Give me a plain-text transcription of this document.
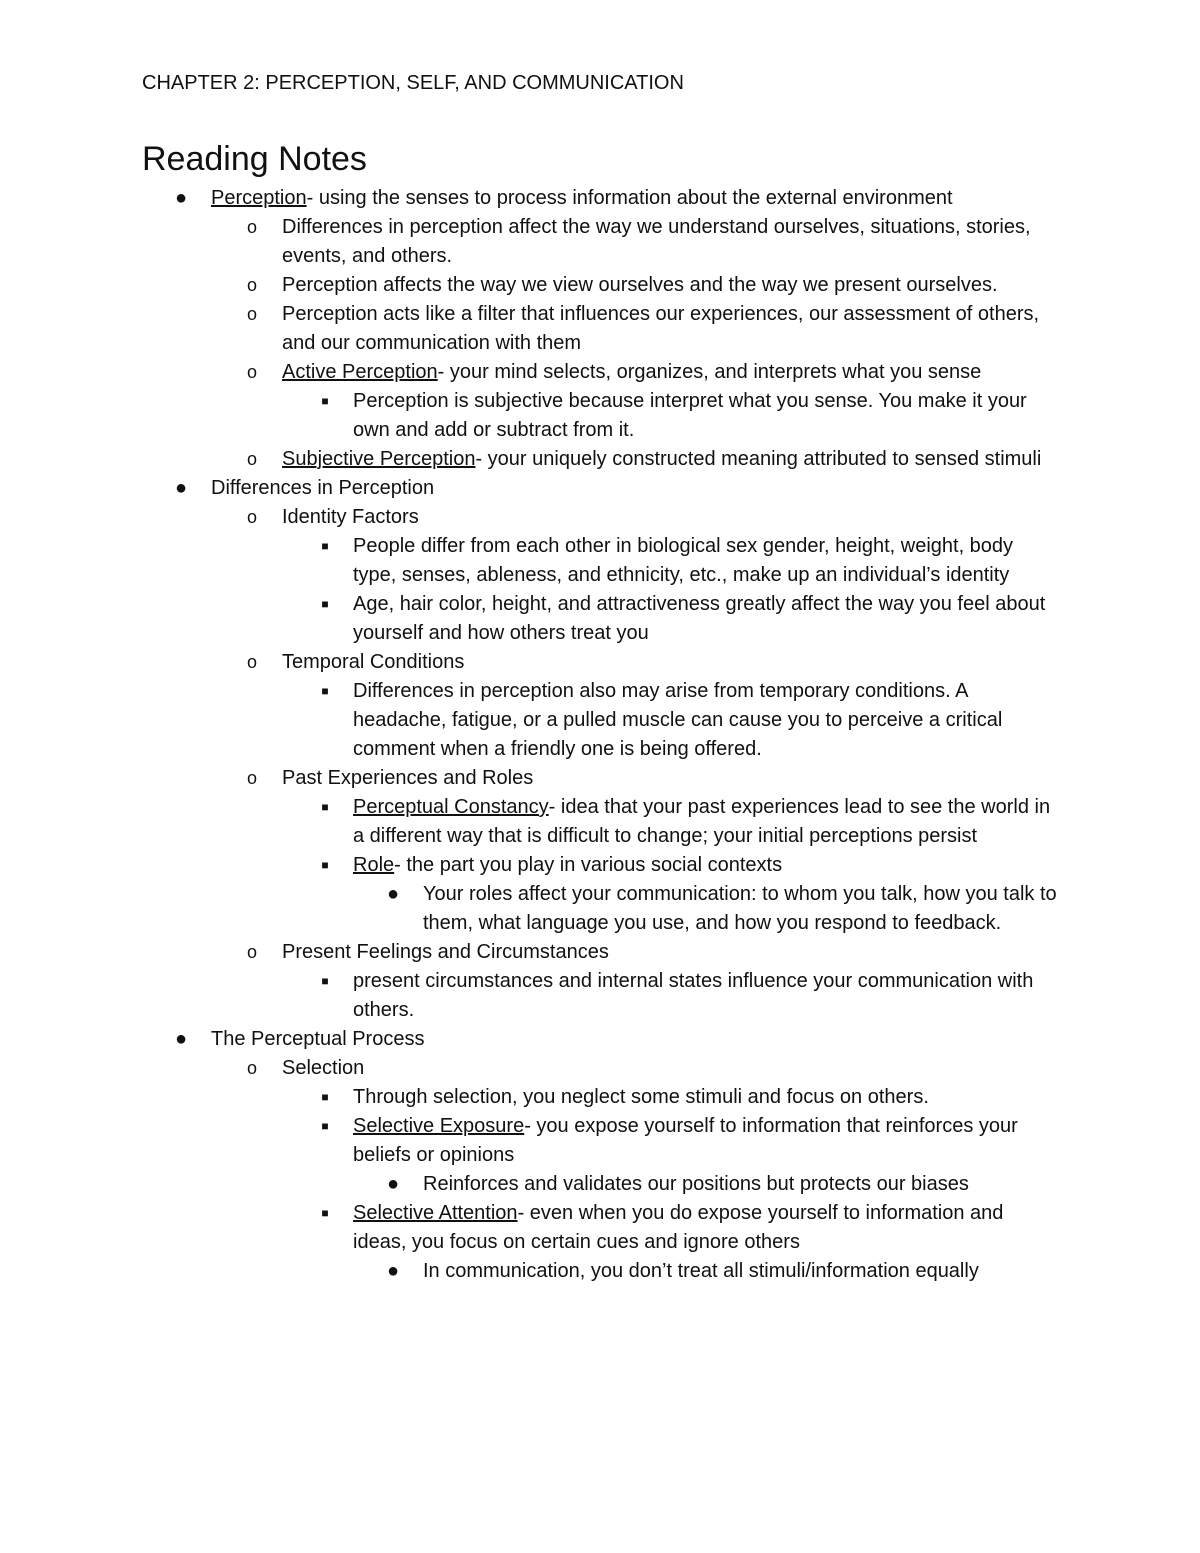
CHAPTER 2: PERCEPTION, SELF, AND COMMUNICATION
Reading Notes
● Perception- using the senses to process information about the external environment
o Differences in perception affect the way we understand ourselves, situations, stories, events, and others.
o Perception affects the way we view ourselves and the way we present ourselves.
o Perception acts like a filter that influences our experiences, our assessment of others, and our communication with them
o Active Perception- your mind selects, organizes, and interprets what you sense
■	Perception is subjective because interpret what you sense. You make it your own and add or subtract from it.
o Subjective Perception- your uniquely constructed meaning attributed to sensed stimuli
● Differences in Perception
o Identity Factors
■	People differ from each other in biological sex gender, height, weight, body type, senses, ableness, and ethnicity, etc., make up an individual’s identity
■	Age, hair color, height, and attractiveness greatly affect the way you feel about yourself and how others treat you
o Temporal Conditions
■	Differences in perception also may arise from temporary conditions. A headache, fatigue, or a pulled muscle can cause you to perceive a critical comment when a friendly one is being offered.
o Past Experiences and Roles
■	Perceptual Constancy- idea that your past experiences lead to see the world in a different way that is difficult to change; your initial perceptions persist
■	Role- the part you play in various social contexts
● Your roles affect your communication: to whom you talk, how you talk to them, what language you use, and how you respond to feedback.
o Present Feelings and Circumstances
■	present circumstances and internal states influence your communication with others.
● The Perceptual Process
o Selection
■	Through selection, you neglect some stimuli and focus on others.
■	Selective Exposure- you expose yourself to information that reinforces your beliefs or opinions
● Reinforces and validates our positions but protects our biases
■	Selective Attention- even when you do expose yourself to information and ideas, you focus on certain cues and ignore others
● In communication, you don’t treat all stimuli/information equally
